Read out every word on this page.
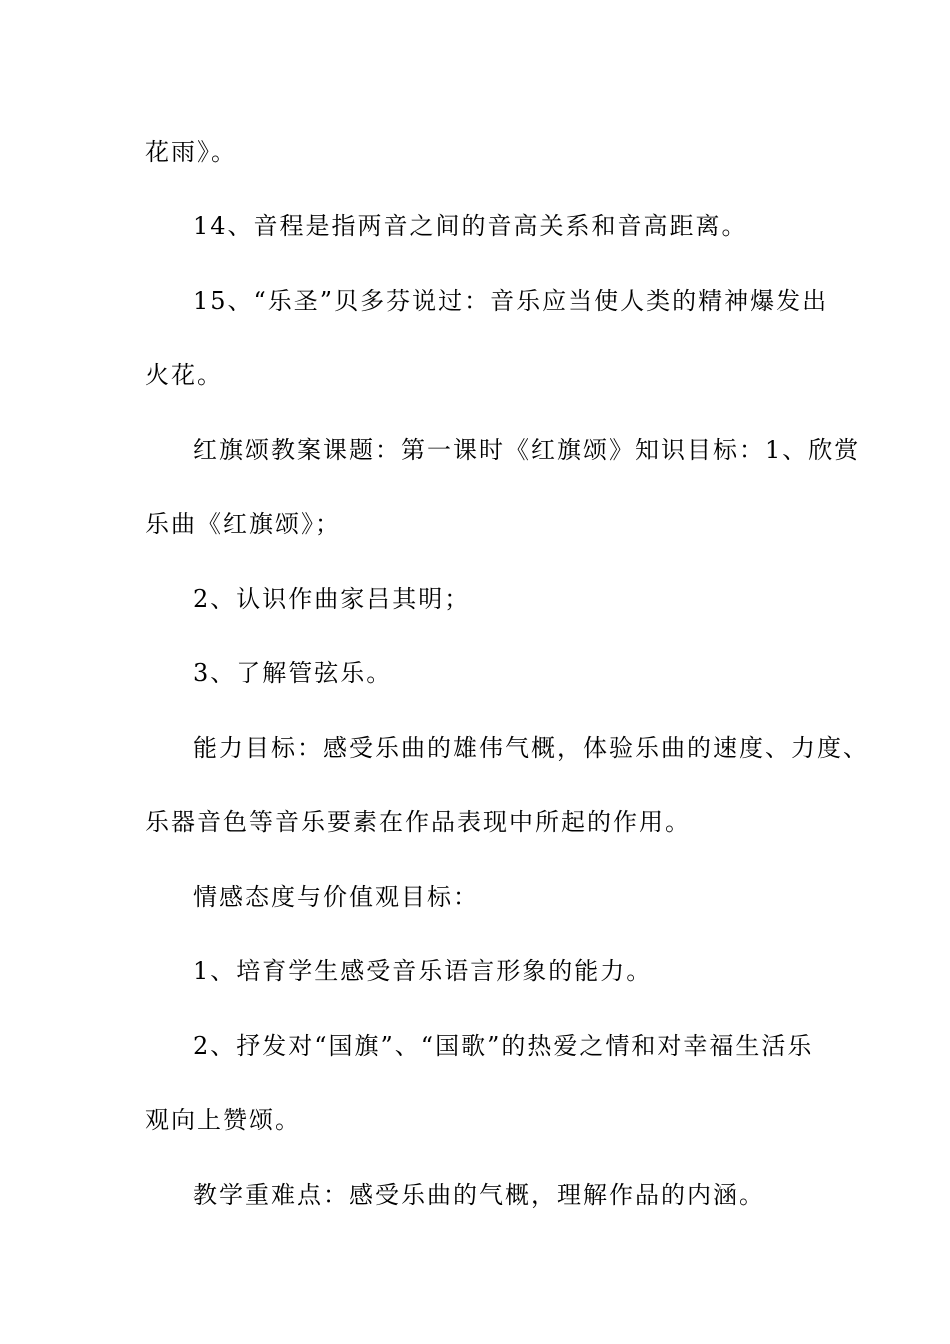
花雨》。
14、音程是指两音之间的音高关系和音高距离。
15、“乐圣”贝多芬说过：音乐应当使人类的精神爆发出
火花。
红旗颂教案课题：第一课时《红旗颂》知识目标：1、欣赏
乐曲《红旗颂》；
2、认识作曲家吕其明；
3、了解管弦乐。
能力目标：感受乐曲的雄伟气概，体验乐曲的速度、力度、
乐器音色等音乐要素在作品表现中所起的作用。
情感态度与价值观目标：
1、培育学生感受音乐语言形象的能力。
2、抒发对“国旗”、“国歌”的热爱之情和对幸福生活乐
观向上赞颂。
教学重难点：感受乐曲的气概，理解作品的内涵。
